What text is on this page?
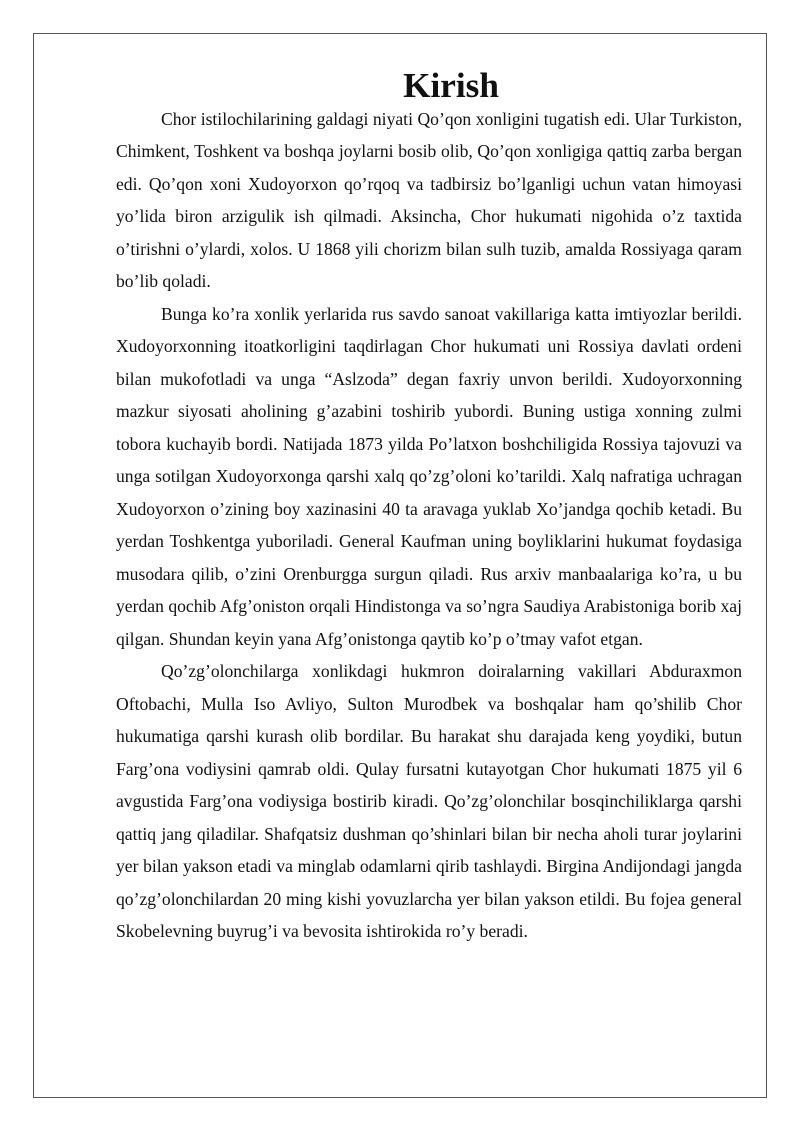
Kirish

Chor istilochilarining galdagi niyati Qo’qon xonligini tugatish edi. Ular Turkiston, Chimkent, Toshkent va boshqa joylarni bosib olib, Qo’qon xonligiga qattiq zarba bergan edi. Qo’qon xoni Xudoyorxon qo’rqoq va tadbirsiz bo’lganligi uchun vatan himoyasi yo’lida biron arzigulik ish qilmadi. Aksincha, Chor hukumati nigohida o’z taxtida o’tirishni o’ylardi, xolos. U 1868 yili chorizm bilan sulh tuzib, amalda Rossiyaga qaram bo’lib qoladi.

Bunga ko’ra xonlik yerlarida rus savdo sanoat vakillariga katta imtiyozlar berildi. Xudoyorxonning itoatkorligini taqdirlagan Chor hukumati uni Rossiya davlati ordeni bilan mukofotladi va unga “Aslzoda” degan faxriy unvon berildi. Xudoyorxonning mazkur siyosati aholining g’azabini toshirib yubordi. Buning ustiga xonning zulmi tobora kuchayib bordi. Natijada 1873 yilda Po’latxon boshchiligida Rossiya tajovuzi va unga sotilgan Xudoyorxonga qarshi xalq qo’zg’oloni ko’tarildi. Xalq nafratiga uchragan Xudoyorxon o’zining boy xazinasini 40 ta aravaga yuklab Xo’jandga qochib ketadi. Bu yerdan Toshkentga yuboriladi. General Kaufman uning boyliklarini hukumat foydasiga musodara qilib, o’zini Orenburgga surgun qiladi. Rus arxiv manbaalariga ko’ra, u bu yerdan qochib Afg’oniston orqali Hindistonga va so’ngra Saudiya Arabistoniga borib xaj qilgan. Shundan keyin yana Afg’onistonga qaytib ko’p o’tmay vafot etgan.

Qo’zg’olonchilarga xonlikdagi hukmron doiralarning vakillari Abduraxmon Oftobachi, Mulla Iso Avliyo, Sulton Murodbek va boshqalar ham qo’shilib Chor hukumatiga qarshi kurash olib bordilar. Bu harakat shu darajada keng yoydiki, butun Farg’ona vodiysini qamrab oldi. Qulay fursatni kutayotgan Chor hukumati 1875 yil 6 avgustida Farg’ona vodiysiga bostirib kiradi. Qo’zg’olonchilar bosqinchiliklarga qarshi qattiq jang qiladilar. Shafqatsiz dushman qo’shinlari bilan bir necha aholi turar joylarini yer bilan yakson etadi va minglab odamlarni qirib tashlaydi. Birgina Andijondagi jangda qo’zg’olonchilardan 20 ming kishi yovuzlarcha yer bilan yakson etildi. Bu fojea general Skobelevning buyrug’i va bevosita ishtirokida ro’y beradi.
